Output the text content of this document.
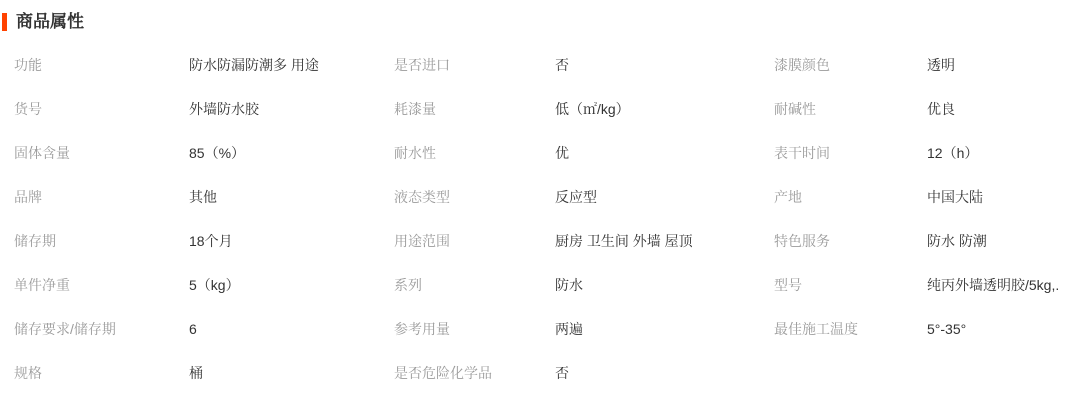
商品属性
功能	防水防漏防潮多 用途	是否进口	否	漆膜颜色	透明
货号	外墙防水胶	耗漆量	低（㎡/kg）	耐碱性	优良
固体含量	85（%）	耐水性	优	表干时间	12（h）
品牌	其他	液态类型	反应型	产地	中国大陆
储存期	18个月	用途范围	厨房 卫生间 外墙 屋顶	特色服务	防水 防潮
单件净重	5（kg）	系列	防水	型号	纯丙外墙透明胶/5kg,.
储存要求/储存期	6	参考用量	两遍	最佳施工温度	5°-35°
规格	桶	是否危险化学品	否
